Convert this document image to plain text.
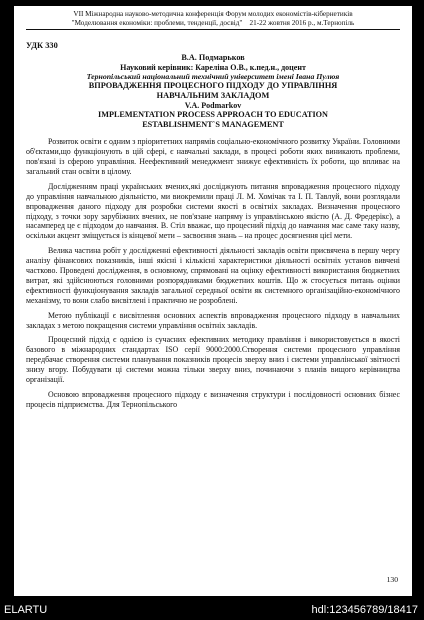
VII Міжнародна науково-методична конференція Форум молодих економістів-кібернетиків
"Моделювання економіки: проблеми, тенденції, досвід"    21-22 жовтня 2016 р., м.Тернопіль
УДК 330
В.А. Подмарьков
Науковий керівник: Кареліна О.В., к.пед.н., доцент
Тернопільський національний технічний університет імені Івана Пулюя
ВПРОВАДЖЕННЯ ПРОЦЕСНОГО ПІДХОДУ ДО УПРАВЛІННЯ
НАВЧАЛЬНИМ ЗАКЛАДОМ
V.A. Podmarkov
IMPLEMENTATION PROCESS APPROACH TO EDUCATION
ESTABLISHMENT`S MANAGEMENT

Розвиток освіти є одним з пріоритетних напрямів соціально-економічного розвитку України. Головними об'єктами,що функціонують в цій сфері, є навчальні заклади, в процесі роботи яких виникають проблеми, пов'язані із сферою управління. Неефективний менеджмент знижує ефективність їх роботи, що впливає на загальний стан освіти в цілому.

Дослідженням праці українських вчених,які досліджують питання впровадження процесного підходу до управління навчальною діяльністю, ми виокремили праці Л. М. Хомічак та І. П. Тавлуй, вони розглядали впровадження даного підходу для розробки системи якості в освітніх закладах. Визначення процесного підходу, з точки зору зарубіжних вчених, не пов'язане напряму із управлінською якістю (А. Д. Фредерікс), а насамперед це є підходом до навчання. В. Стіл вважає, що процесний підхід до навчання має саме таку назву, оскільки акцент зміщується із кінцевої мети – засвоєння знань – на процес досягнення цієї мети.

Велика частина робіт у дослідженні ефективності діяльності закладів освіти присвячена в першу чергу аналізу фінансових показників, інші якісні і кількісні характеристики діяльності освітніх установ вивчені частково. Проведені дослідження, в основному, спрямовані на оцінку ефективності використання бюджетних витрат, які здійснюються головними розпорядниками бюджетних коштів. Що ж стосується питань оцінки ефективності функціонування закладів загальної середньої освіти як системного організаційно-економічного механізму, то вони слабо висвітлені і практично не розроблені.

Метою публікації є висвітлення основних аспектів впровадження процесного підходу в навчальних закладах з метою покращення системи управління освітніх закладів.

Процесний підхід є однією із сучасних ефективних методику правління і використовується в якості базового в міжнародних стандартах ISO серії 9000:2000.Створення системи процесного управління передбачає створення системи планування показників процесів зверху вниз і системи управлінської звітності знизу вгору. Побудувати ці системи можна тільки зверху вниз, починаючи з планів вищого керівництва організації.

Основою впровадження процесного підходу є визначення структури і послідовності основних бізнес процесів підприємства. Для Тернопільського

130
ELARTU	hdl:123456789/18417
